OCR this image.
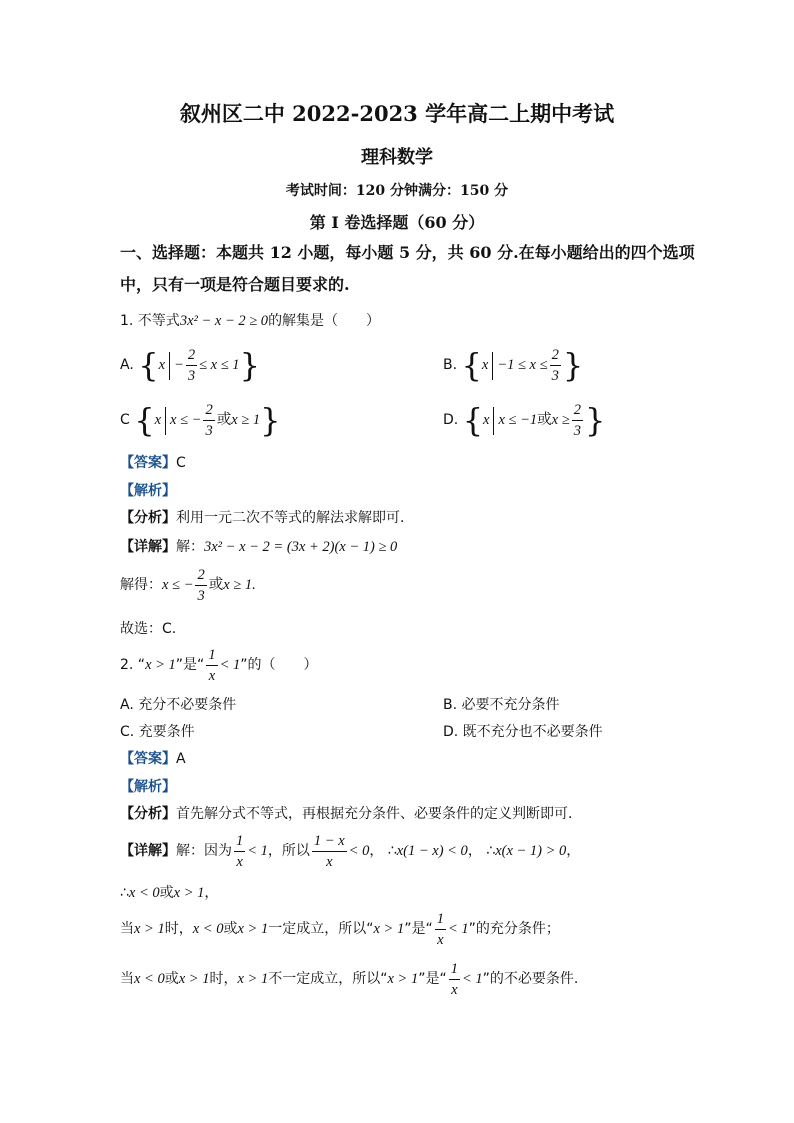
叙州区二中 2022-2023 学年高二上期中考试
理科数学
考试时间：120 分钟满分：150 分
第 I 卷选择题（60 分）
一、选择题：本题共 12 小题，每小题 5 分，共 60 分.在每小题给出的四个选项
中，只有一项是符合题目要求的.
1. 不等式3x² − x − 2 ≥ 0的解集是（　　）
A. $\{x - \frac{2}{3} \le x \le 1\}$	B. {$x -1 \le x \le \frac{2}{3}$ }
C {x x ≤ − $\frac{2}{3}$ 或x ≥ 1}	D. {x x ≤ −1或$x \ge \frac{2}{3}$ }
【答案】C
【解析】
【分析】利用一元二次不等式的解法求解即可.
【详解】解：3x² − x − 2 = (3x + 2)(x − 1) ≥ 0
解得：x ≤ − $\frac{2}{3}$ 或x ≥ 1.
故选：C.
2. “x > 1”是“ $\frac{1}{x} < 1$”的（　　）
A. 充分不必要条件	B. 必要不充分条件
C. 充要条件	D. 既不充分也不必要条件
【答案】A
【解析】
【分析】首先解分式不等式，再根据充分条件、必要条件的定义判断即可.
【详解】解：因为 $\frac{1}{x} < 1$，所以 $\frac{1 - x}{x} < 0$， ∴x(1 − x) < 0， ∴x(x − 1) > 0，
∴x < 0或x > 1，
当x > 1时，x < 0或x > 1一定成立，所以“x > 1”是“ $\frac{1}{x} < 1$”的充分条件；
当x < 0或x > 1时，x > 1不一定成立，所以“x > 1”是“ $\frac{1}{x} < 1$”的不必要条件.
